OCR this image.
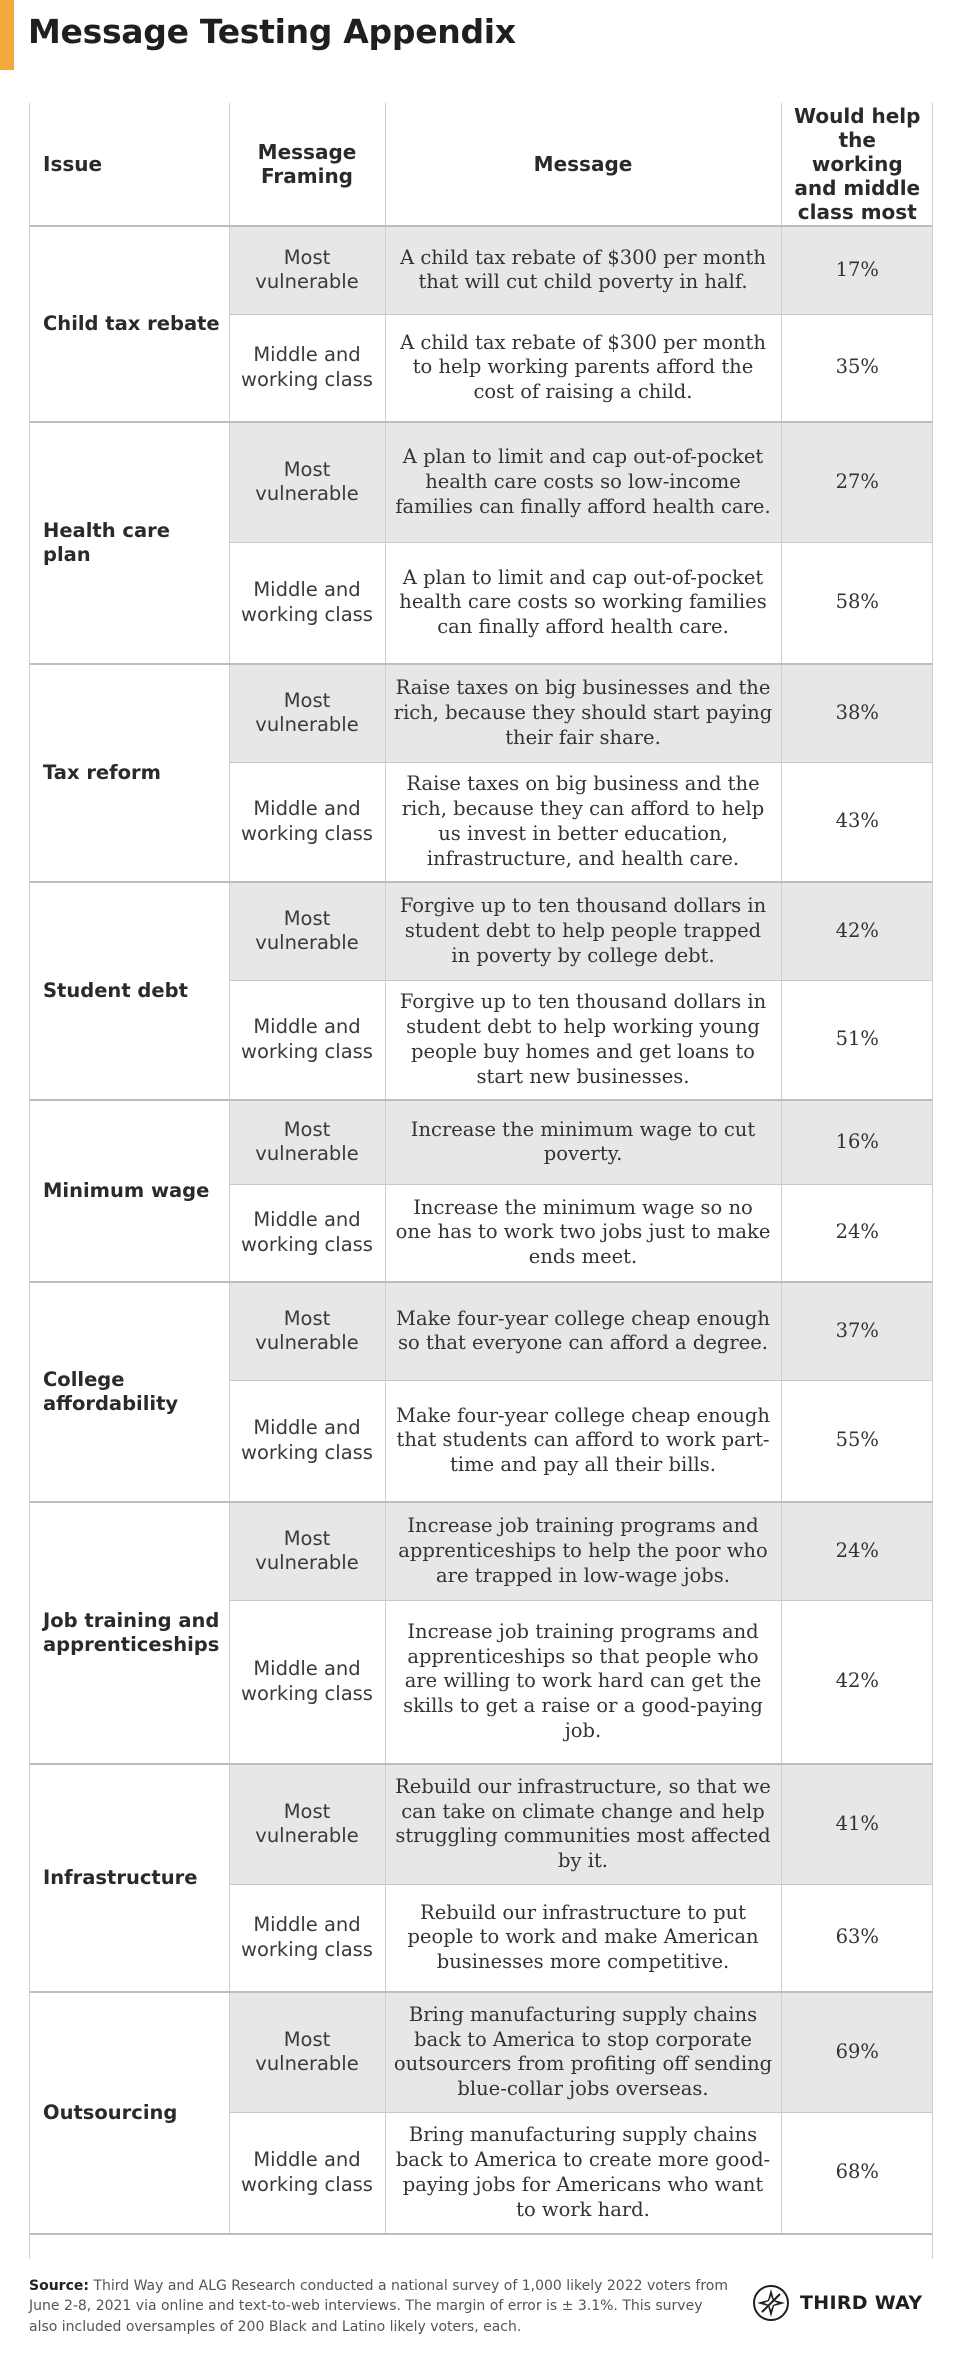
Message Testing Appendix
Issue	Message Framing	Message	Would help the working and middle class most
Child tax rebate	Most vulnerable	A child tax rebate of $300 per month that will cut child poverty in half.	17%
	Middle and working class	A child tax rebate of $300 per month to help working parents afford the cost of raising a child.	35%
Health care plan	Most vulnerable	A plan to limit and cap out-of-pocket health care costs so low-income families can finally afford health care.	27%
	Middle and working class	A plan to limit and cap out-of-pocket health care costs so working families can finally afford health care.	58%
Tax reform	Most vulnerable	Raise taxes on big businesses and the rich, because they should start paying their fair share.	38%
	Middle and working class	Raise taxes on big business and the rich, because they can afford to help us invest in better education, infrastructure, and health care.	43%
Student debt	Most vulnerable	Forgive up to ten thousand dollars in student debt to help people trapped in poverty by college debt.	42%
	Middle and working class	Forgive up to ten thousand dollars in student debt to help working young people buy homes and get loans to start new businesses.	51%
Minimum wage	Most vulnerable	Increase the minimum wage to cut poverty.	16%
	Middle and working class	Increase the minimum wage so no one has to work two jobs just to make ends meet.	24%
College affordability	Most vulnerable	Make four-year college cheap enough so that everyone can afford a degree.	37%
	Middle and working class	Make four-year college cheap enough that students can afford to work part-time and pay all their bills.	55%
Job training and apprenticeships	Most vulnerable	Increase job training programs and apprenticeships to help the poor who are trapped in low-wage jobs.	24%
	Middle and working class	Increase job training programs and apprenticeships so that people who are willing to work hard can get the skills to get a raise or a good-paying job.	42%
Infrastructure	Most vulnerable	Rebuild our infrastructure, so that we can take on climate change and help struggling communities most affected by it.	41%
	Middle and working class	Rebuild our infrastructure to put people to work and make American businesses more competitive.	63%
Outsourcing	Most vulnerable	Bring manufacturing supply chains back to America to stop corporate outsourcers from profiting off sending blue-collar jobs overseas.	69%
	Middle and working class	Bring manufacturing supply chains back to America to create more good-paying jobs for Americans who want to work hard.	68%
Source: Third Way and ALG Research conducted a national survey of 1,000 likely 2022 voters from June 2-8, 2021 via online and text-to-web interviews. The margin of error is ± 3.1%. This survey also included oversamples of 200 Black and Latino likely voters, each.
THIRD WAY
